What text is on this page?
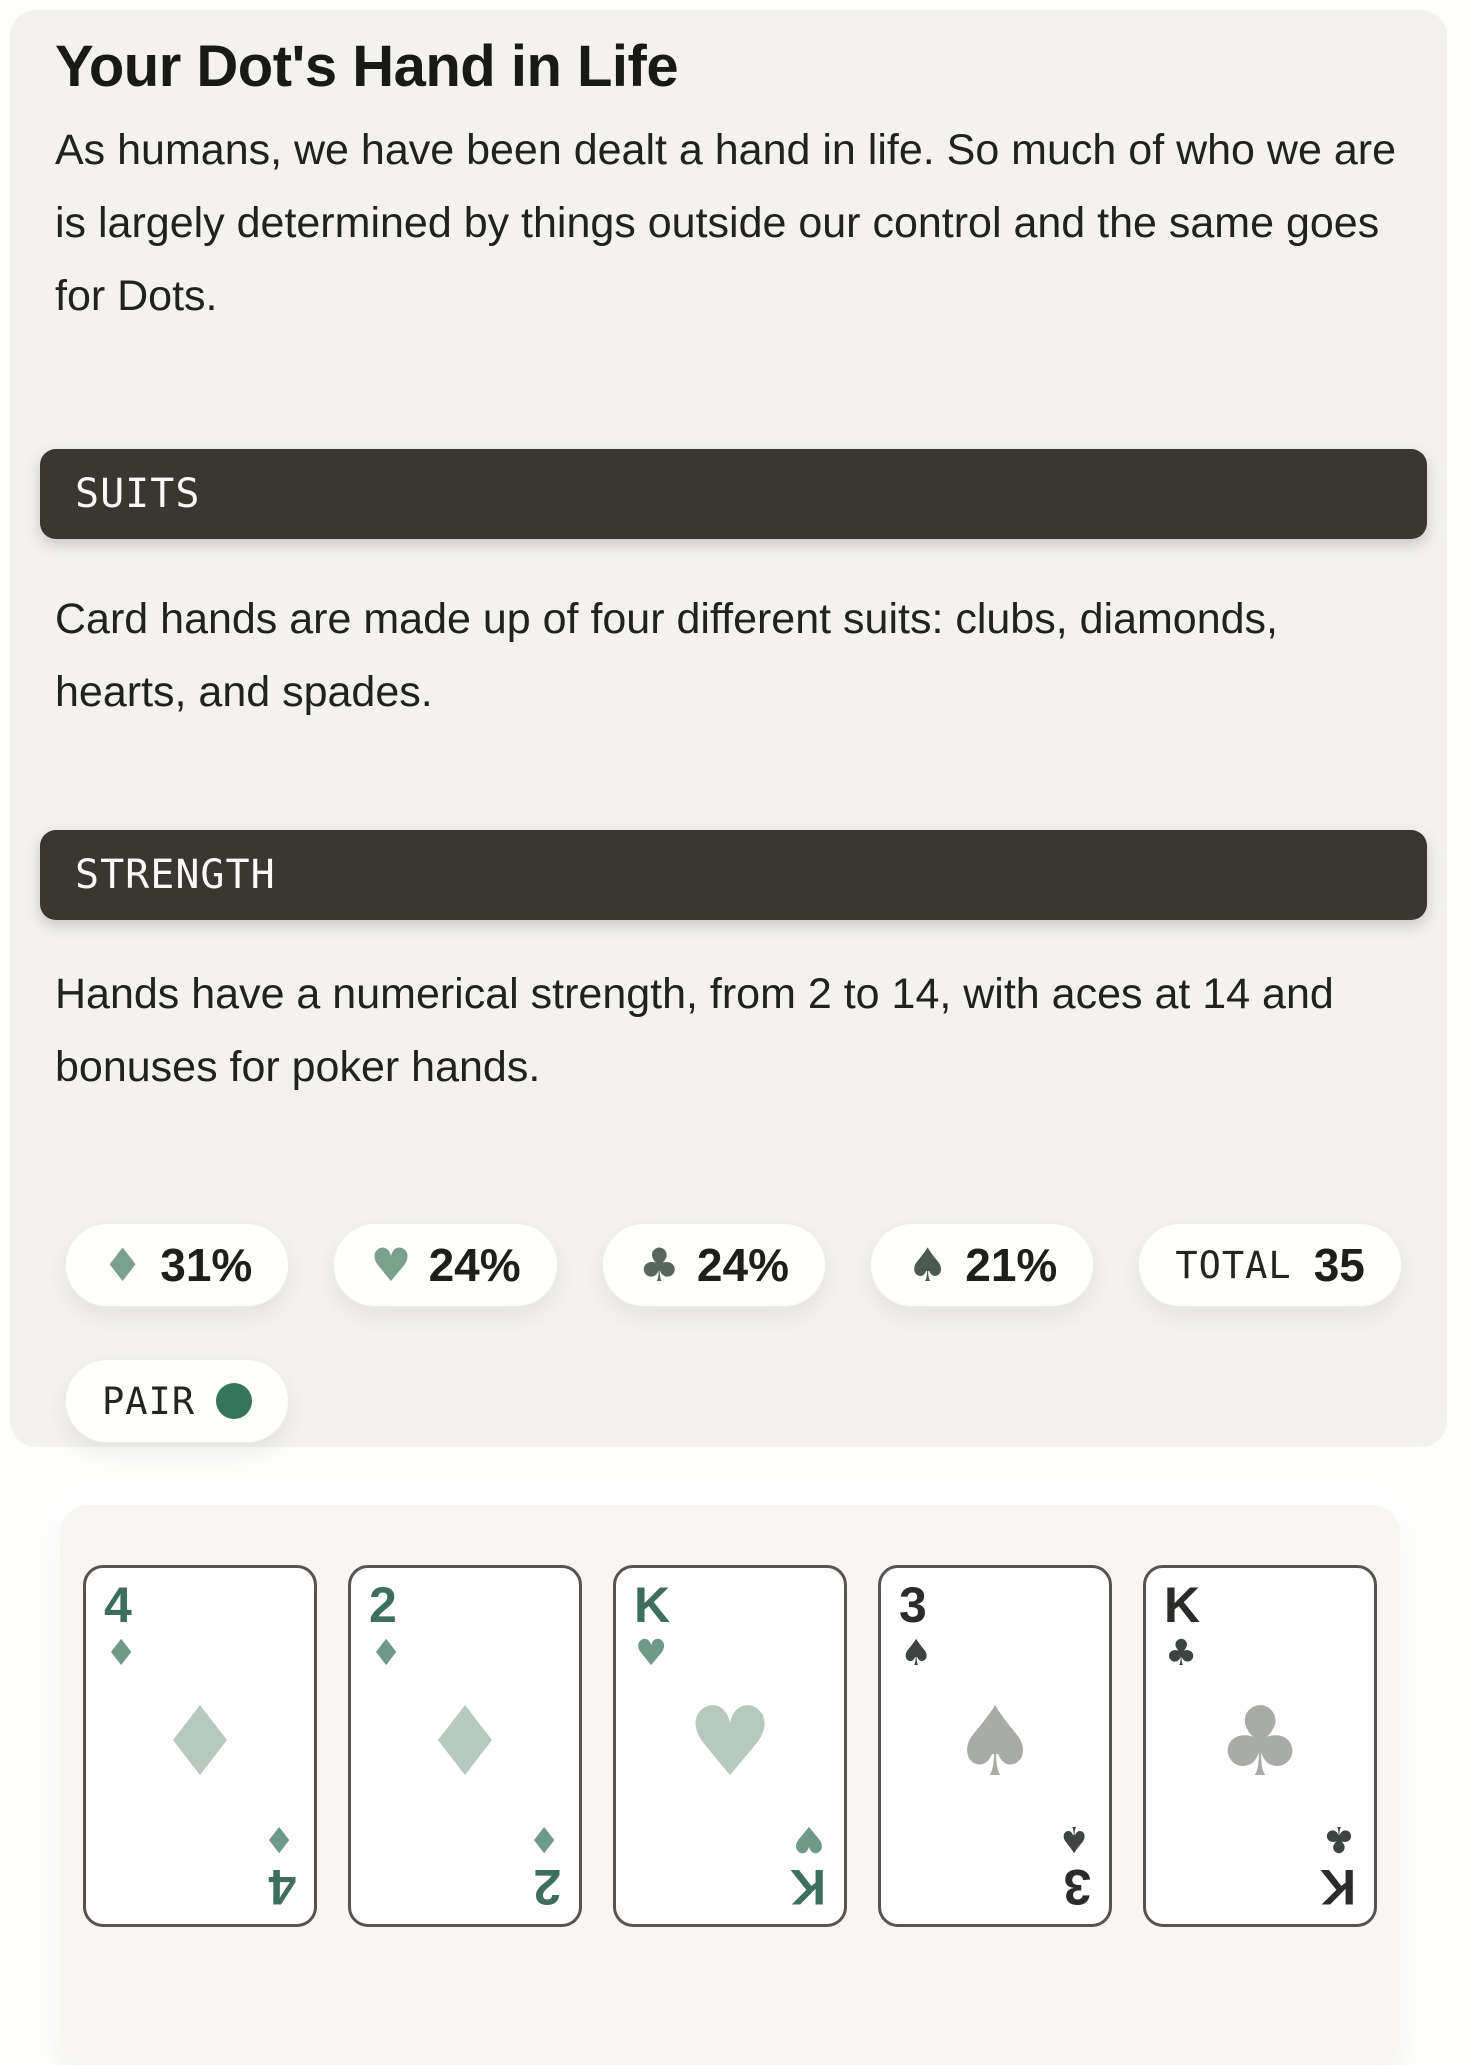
Your Dot's Hand in Life

As humans, we have been dealt a hand in life. So much of who we are is largely determined by things outside our control and the same goes for Dots.

SUITS

Card hands are made up of four different suits: clubs, diamonds, hearts, and spades.

STRENGTH

Hands have a numerical strength, from 2 to 14, with aces at 14 and bonuses for poker hands.

♦ 31%	♥ 24%	♣ 24%	♠ 21%	TOTAL 35
PAIR
4
♦
♦
4
♦
2
♦
♦
2
♦
K
♥
♥
K
♥
3
♠
♠
3
♠
K
♣
♣
K
♣
